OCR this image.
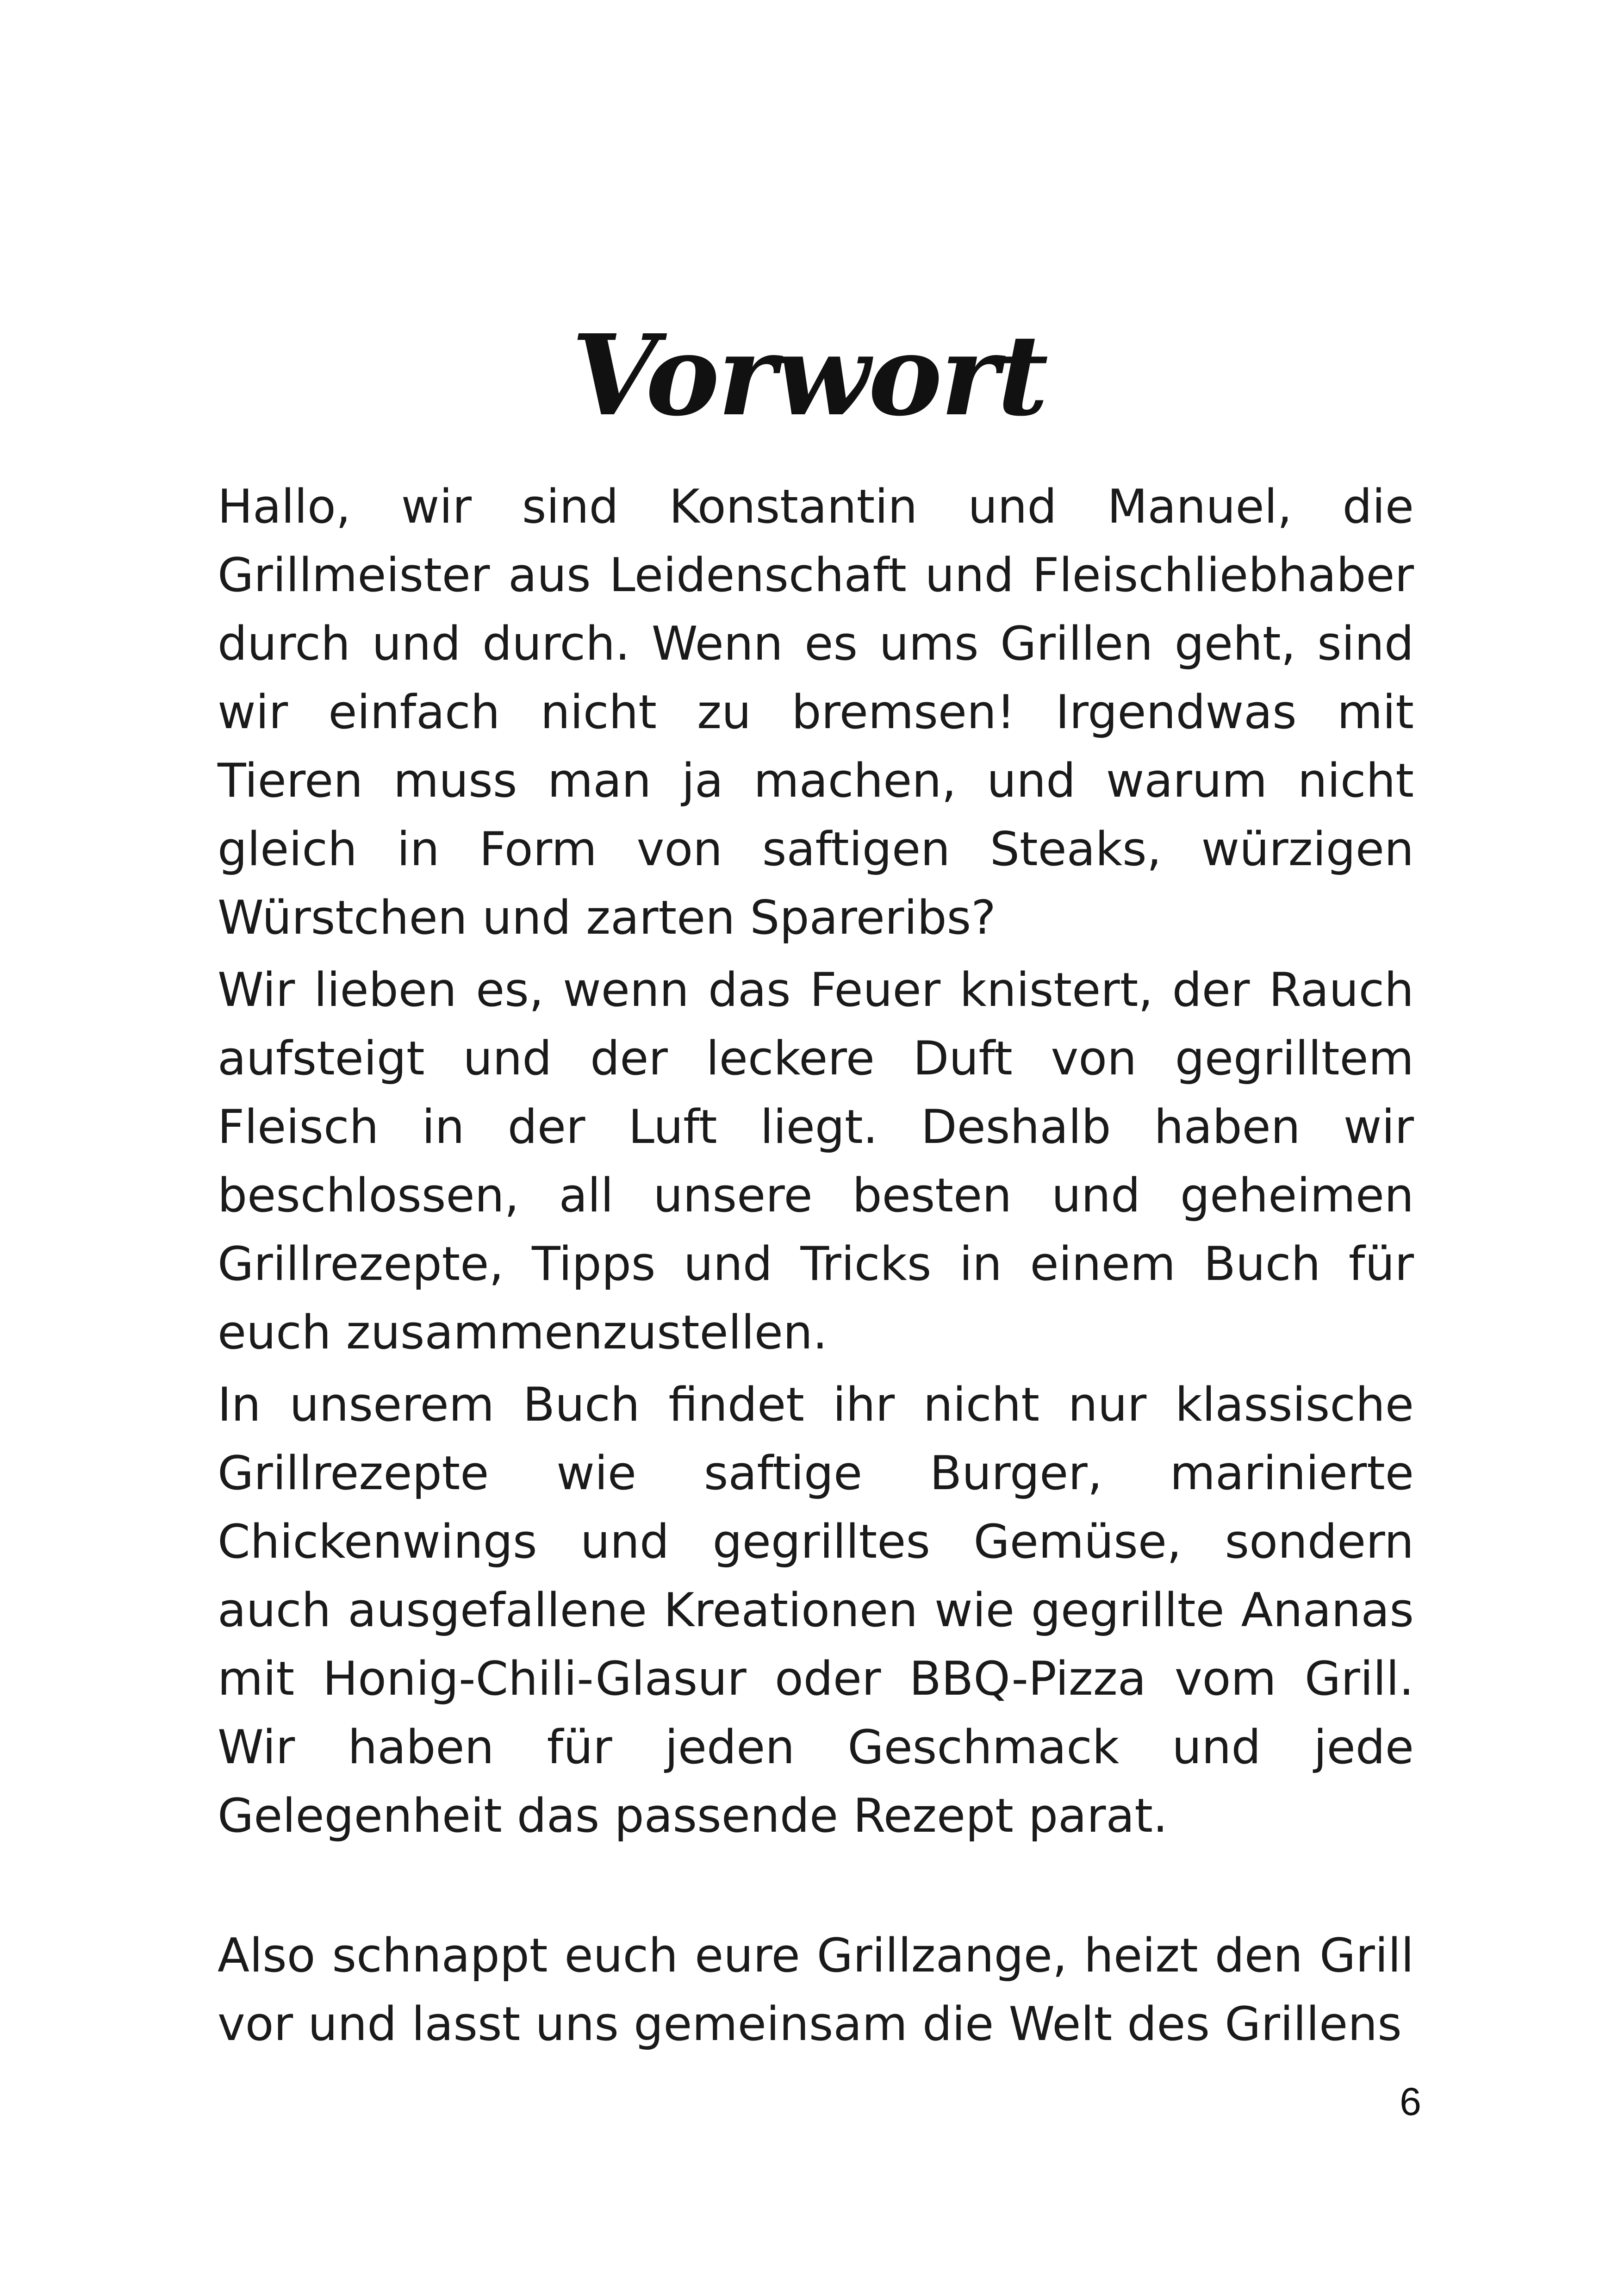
Vorwort

Hallo, wir sind Konstantin und Manuel, die Grillmeister aus Leidenschaft und Fleischliebhaber durch und durch. Wenn es ums Grillen geht, sind wir einfach nicht zu bremsen! Irgendwas mit Tieren muss man ja machen, und warum nicht gleich in Form von saftigen Steaks, würzigen Würstchen und zarten Spareribs?

Wir lieben es, wenn das Feuer knistert, der Rauch aufsteigt und der leckere Duft von gegrilltem Fleisch in der Luft liegt. Deshalb haben wir beschlossen, all unsere besten und geheimen Grillrezepte, Tipps und Tricks in einem Buch für euch zusammenzustellen.

In unserem Buch findet ihr nicht nur klassische Grillrezepte wie saftige Burger, marinierte Chickenwings und gegrilltes Gemüse, sondern auch ausgefallene Kreationen wie gegrillte Ananas mit Honig-Chili-Glasur oder BBQ-Pizza vom Grill. Wir haben für jeden Geschmack und jede Gelegenheit das passende Rezept parat.

Also schnappt euch eure Grillzange, heizt den Grill vor und lasst uns gemeinsam die Welt des Grillens

6
